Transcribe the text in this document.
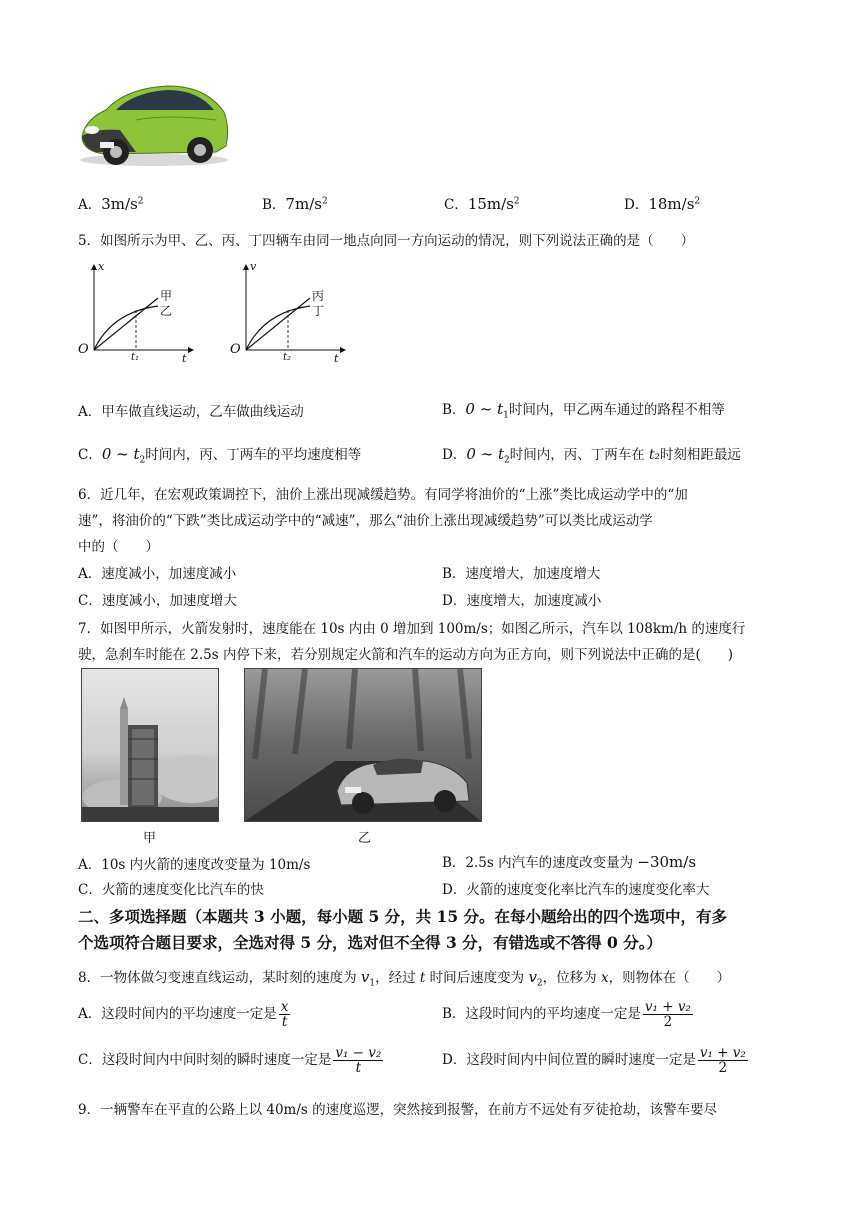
A．$3m/s^2$	B．$7m/s^2$	C．$15m/s^2$	D．$18m/s^2$
5．如图所示为甲、乙、丙、丁四辆车由同一地点向同一方向运动的情况，则下列说法正确的是（　　）
x
O
t
t₁
甲
乙
v
O
t
t₂
丙
丁
A．甲车做直线运动，乙车做曲线运动	B．0 ~ $t_1$时间内，甲乙两车通过的路程不相等
C．0 ~ $t_2$时间内，丙、丁两车的平均速度相等	D．0 ~ $t_2$时间内，丙、丁两车在 t₂时刻相距最远
6．近几年，在宏观政策调控下，油价上涨出现减缓趋势。有同学将油价的“上涨”类比成运动学中的“加
速”，将油价的“下跌”类比成运动学中的“减速”，那么“油价上涨出现减缓趋势”可以类比成运动学
中的（　　）
A．速度减小，加速度减小	B．速度增大，加速度增大
C．速度减小，加速度增大	D．速度增大，加速度减小
7．如图甲所示，火箭发射时，速度能在 10s 内由 0 增加到 100m/s；如图乙所示，汽车以 108km/h 的速度行
驶，急刹车时能在 2.5s 内停下来，若分别规定火箭和汽车的运动方向为正方向，则下列说法中正确的是(　　)
甲	乙
A．10s 内火箭的速度改变量为 10m/s	B．2.5s 内汽车的速度改变量为 −30m/s
C．火箭的速度变化比汽车的快	D．火箭的速度变化率比汽车的速度变化率大
二、多项选择题（本题共 3 小题，每小题 5 分，共 15 分。在每小题给出的四个选项中，有多
个选项符合题目要求，全选对得 5 分，选对但不全得 3 分，有错选或不答得 0 分。）
8．一物体做匀变速直线运动，某时刻的速度为 $v_1$，经过 t 时间后速度变为 $v_2$，位移为 x，则物体在（　　）
A．这段时间内的平均速度一定是 $\frac{x}{t}$	B．这段时间内的平均速度一定是 $\frac{\text{v₁ + v₂}}{2}$
C．这段时间内中间时刻的瞬时速度一定是 $\frac{\text{v₁ − v₂}}{t}$	D．这段时间内中间位置的瞬时速度一定是 $\frac{\text{v₁ + v₂}}{2}$
9．一辆警车在平直的公路上以 40m/s 的速度巡逻，突然接到报警，在前方不远处有歹徒抢劫，该警车要尽
